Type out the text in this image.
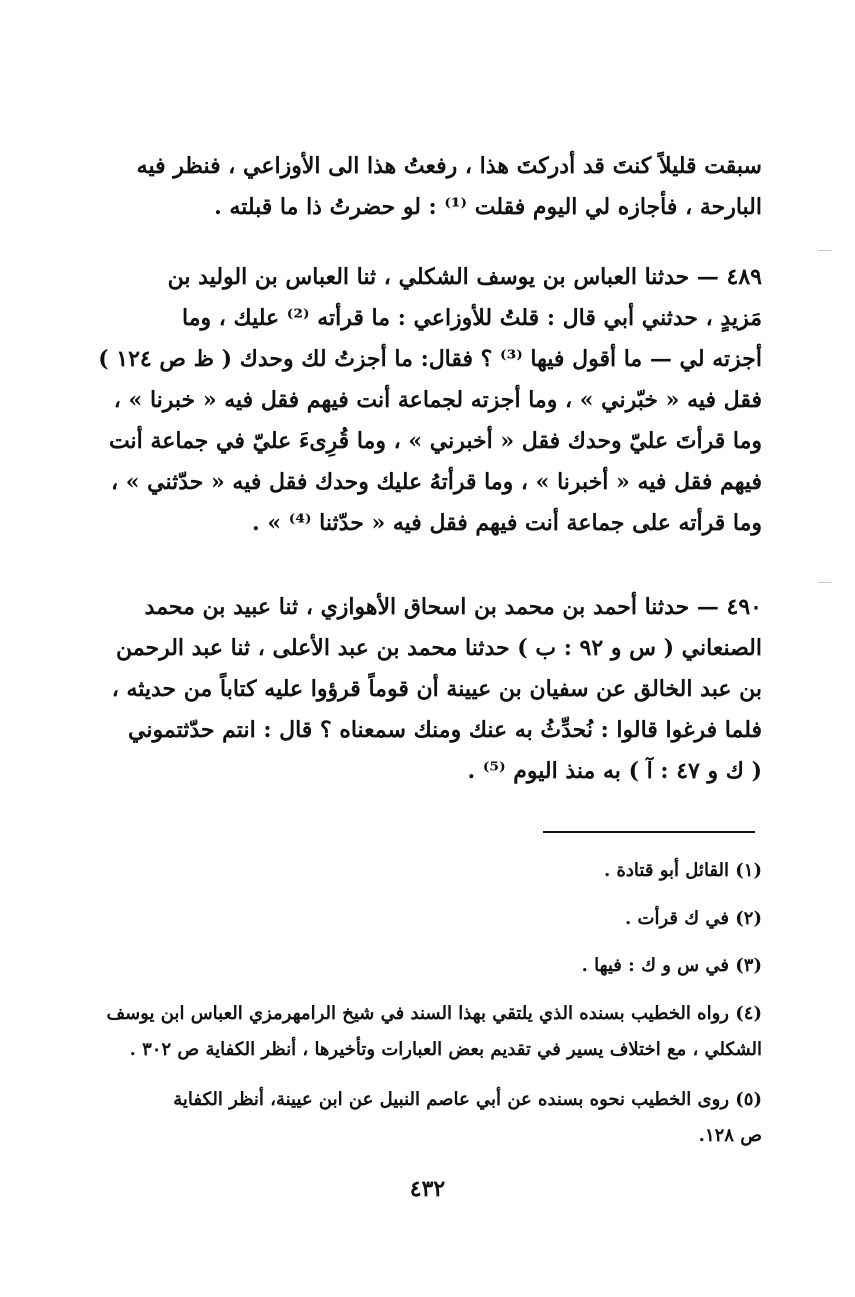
سبقت قليلاً كنتَ قد أدركتَ هذا ، رفعتُ هذا الى الأوزاعي ، فنظر فيه
البارحة ، فأجازه لي اليوم فقلت ⁽¹⁾ : لو حضرتُ ذا ما قبلته .
٤٨٩ — حدثنا العباس بن يوسف الشكلي ، ثنا العباس بن الوليد بن
مَزيدٍ ، حدثني أبي قال : قلتُ للأوزاعي : ما قرأته ⁽²⁾ عليك ، وما
أجزته لي — ما أقول فيها ⁽³⁾ ؟ فقال: ما أجزتُ لك وحدك ( ظ ص ١٢٤ )
فقل فيه « خبّرني » ، وما أجزته لجماعة أنت فيهم فقل فيه « خبرنا » ،
وما قرأتَ عليّ وحدك فقل « أخبرني » ، وما قُرِىءَ عليّ في جماعة أنت
فيهم فقل فيه « أخبرنا » ، وما قرأتهُ عليك وحدك فقل فيه « حدّثني » ،
وما قرأته على جماعة أنت فيهم فقل فيه « حدّثنا ⁽⁴⁾ » .
٤٩٠ — حدثنا أحمد بن محمد بن اسحاق الأهوازي ، ثنا عبيد بن محمد
الصنعاني ( س و ٩٢ : ب ) حدثنا محمد بن عبد الأعلى ، ثنا عبد الرحمن
بن عبد الخالق عن سفيان بن عيينة أن قوماً قرؤوا عليه كتاباً من حديثه ،
فلما فرغوا قالوا : نُحدِّثُ به عنك ومنك سمعناه ؟ قال : انتم حدّثتموني
( ك و ٤٧ : آ ) به منذ اليوم ⁽⁵⁾ .
(١) القائل أبو قتادة .
(٢) في ك قرأت .
(٣) في س و ك : فيها .
(٤) رواه الخطيب بسنده الذي يلتقي بهذا السند في شيخ الرامهرمزي العباس ابن يوسف
الشكلي ، مع اختلاف يسير في تقديم بعض العبارات وتأخيرها ، أنظر الكفاية ص ٣٠٢ .
(٥) روى الخطيب نحوه بسنده عن أبي عاصم النبيل عن ابن عيينة، أنظر الكفاية
ص ١٢٨.
٤٣٢
